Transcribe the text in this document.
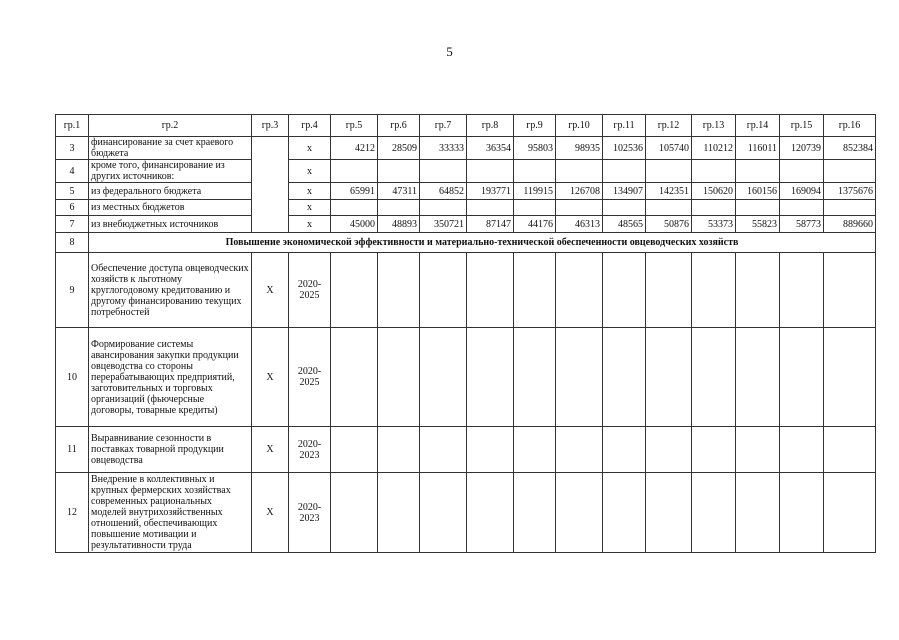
5
гр.1	гр.2	гр.3	гр.4	гр.5	гр.6	гр.7	гр.8	гр.9	гр.10	гр.11	гр.12	гр.13	гр.14	гр.15	гр.16
3	финансирование за счет краевого бюджета		х	4212	28509	33333	36354	95803	98935	102536	105740	110212	116011	120739	852384
4	кроме того, финансирование из других источников:		х												
5	из федерального бюджета		х	65991	47311	64852	193771	119915	126708	134907	142351	150620	160156	169094	1375676
6	из местных бюджетов		х												
7	из внебюджетных источников		х	45000	48893	350721	87147	44176	46313	48565	50876	53373	55823	58773	889660
8	Повышение экономической эффективности и материально-технической обеспеченности овцеводческих хозяйств														
9	Обеспечение доступа овцеводческих хозяйств к льготному круглогодовому кредитованию и другому финансированию текущих потребностей	Х	2020-2025												
10	Формирование системы авансирования закупки продукции овцеводства со стороны перерабатывающих предприятий, заготовительных и торговых организаций (фьючерсные договоры, товарные кредиты)	Х	2020-2025												
11	Выравнивание сезонности в поставках товарной продукции овцеводства	Х	2020-2023												
12	Внедрение в коллективных и крупных фермерских хозяйствах современных рациональных моделей внутрихозяйственных отношений, обеспечивающих повышение мотивации и результативности труда	Х	2020-2023												
